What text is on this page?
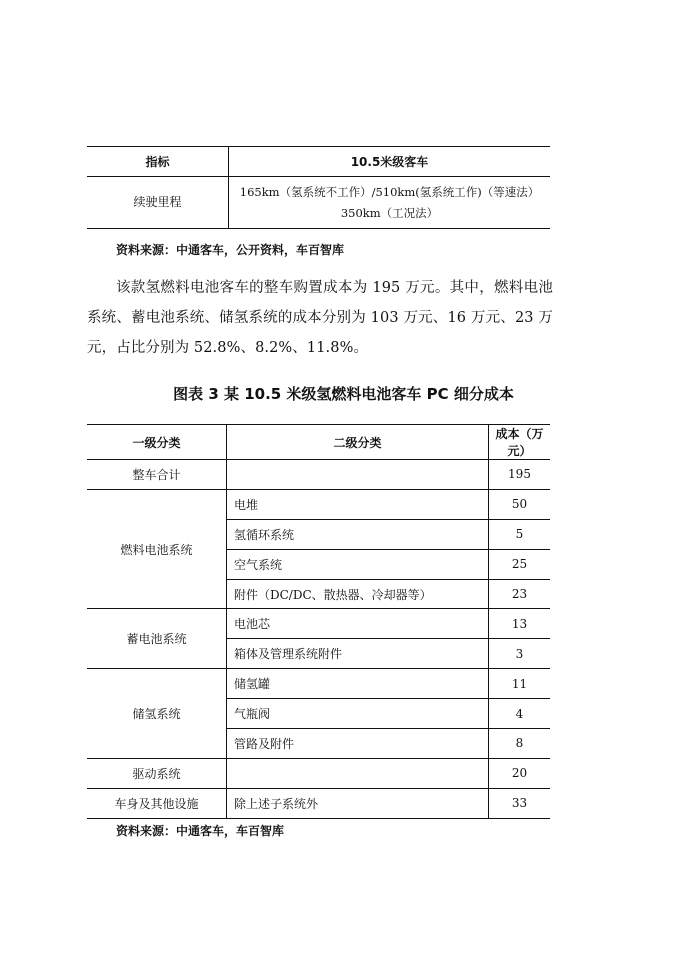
指标	10.5米级客车
续驶里程	165km（氢系统不工作）/510km(氢系统工作)（等速法）
350km（工况法）
资料来源：中通客车，公开资料，车百智库

该款氢燃料电池客车的整车购置成本为 195 万元。其中，燃料电池系统、蓄电池系统、储氢系统的成本分别为 103 万元、16 万元、23 万元，占比分别为 52.8%、8.2%、11.8%。

图表 3 某 10.5 米级氢燃料电池客车 PC 细分成本
一级分类	二级分类	成本（万元）
整车合计		195
燃料电池系统	电堆	50
	氢循环系统	5
	空气系统	25
	附件（DC/DC、散热器、冷却器等）	23
蓄电池系统	电池芯	13
	箱体及管理系统附件	3
储氢系统	储氢罐	11
	气瓶阀	4
	管路及附件	8
驱动系统		20
车身及其他设施	除上述子系统外	33
资料来源：中通客车，车百智库
